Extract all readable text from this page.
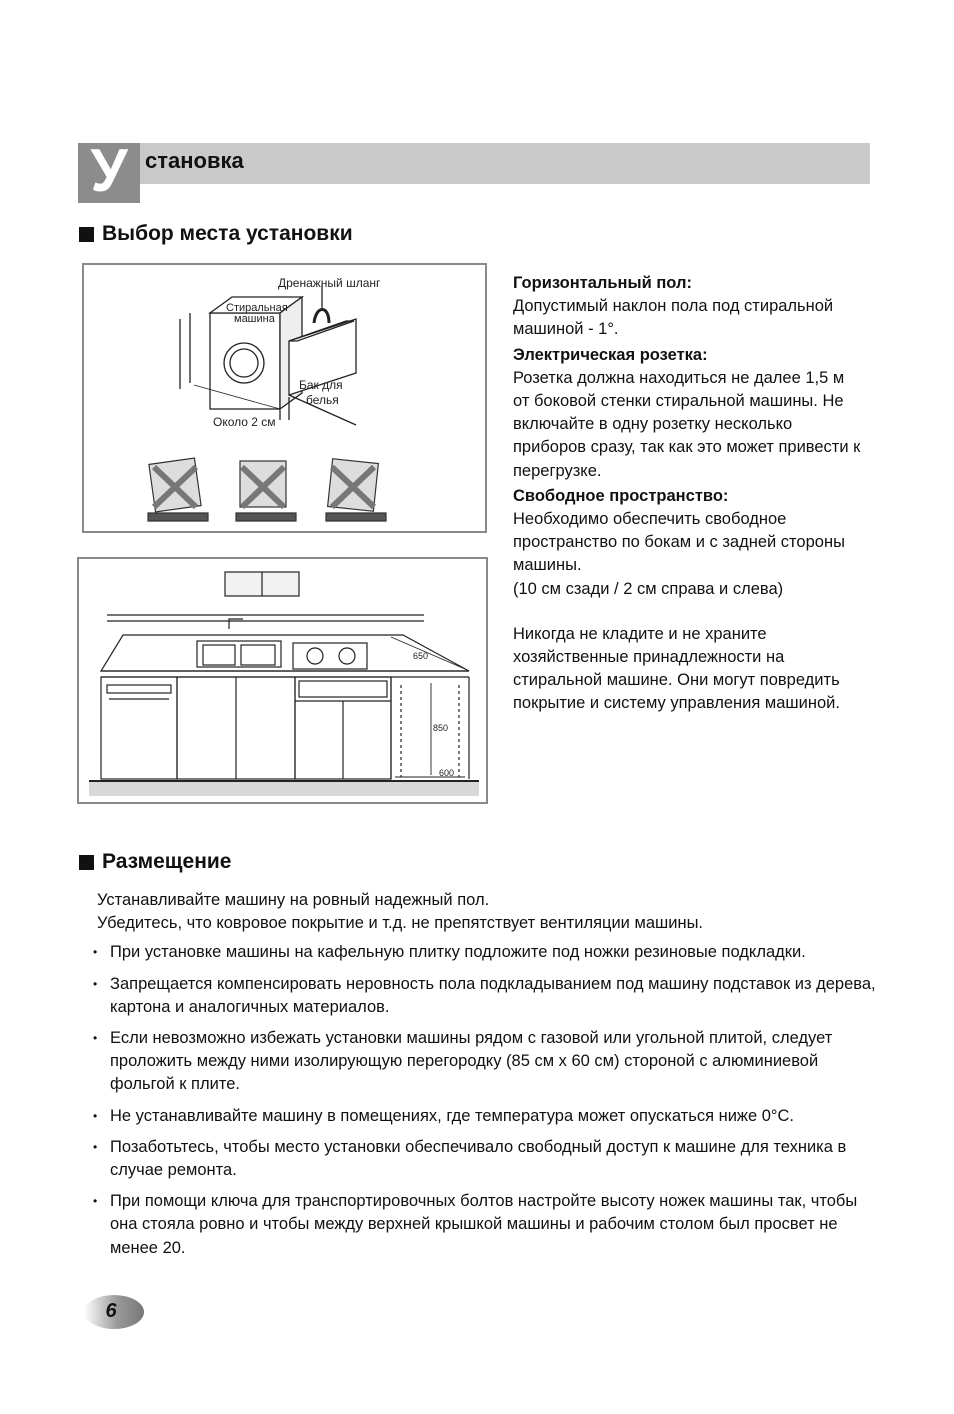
У становка
Выбор места установки
Дренажный шланг
Стиральная
машина
Бак для
белья
Около 2 см
650
850
600

Горизонтальный пол:

Допустимый наклон пола под стиральной машиной - 1°.

Электрическая розетка:

Розетка должна находиться не далее 1,5 м от боковой стенки стиральной машины. Не включайте в одну розетку несколько приборов сразу, так как это может привести к перегрузке.

Свободное пространство:

Необходимо обеспечить свободное пространство по бокам и с задней стороны машины.

(10 см сзади / 2 см справа и слева)

Никогда не кладите и не храните хозяйственные принадлежности на стиральной машине. Они могут повредить покрытие и систему управления машиной.

Размещение

Устанавливайте машину на ровный надежный пол.

Убедитесь, что ковровое покрытие и т.д. не препятствует вентиляции машины.

• При установке машины на кафельную плитку подложите под ножки резиновые подкладки.
• Запрещается компенсировать неровность пола подкладыванием под машину подставок из дерева, картона и аналогичных материалов.
• Если невозможно избежать установки машины рядом с газовой или угольной плитой, следует проложить между ними изолирующую перегородку (85 см x 60 см) стороной с алюминиевой фольгой к плите.
• Не устанавливайте машину в помещениях, где температура может опускаться ниже 0°С.
• Позаботьтесь, чтобы место установки обеспечивало свободный доступ к машине для техника в случае ремонта.
• При помощи ключа для транспортировочных болтов настройте высоту ножек машины так, чтобы она стояла ровно и чтобы между верхней крышкой машины и рабочим столом был просвет не менее 20.
6
